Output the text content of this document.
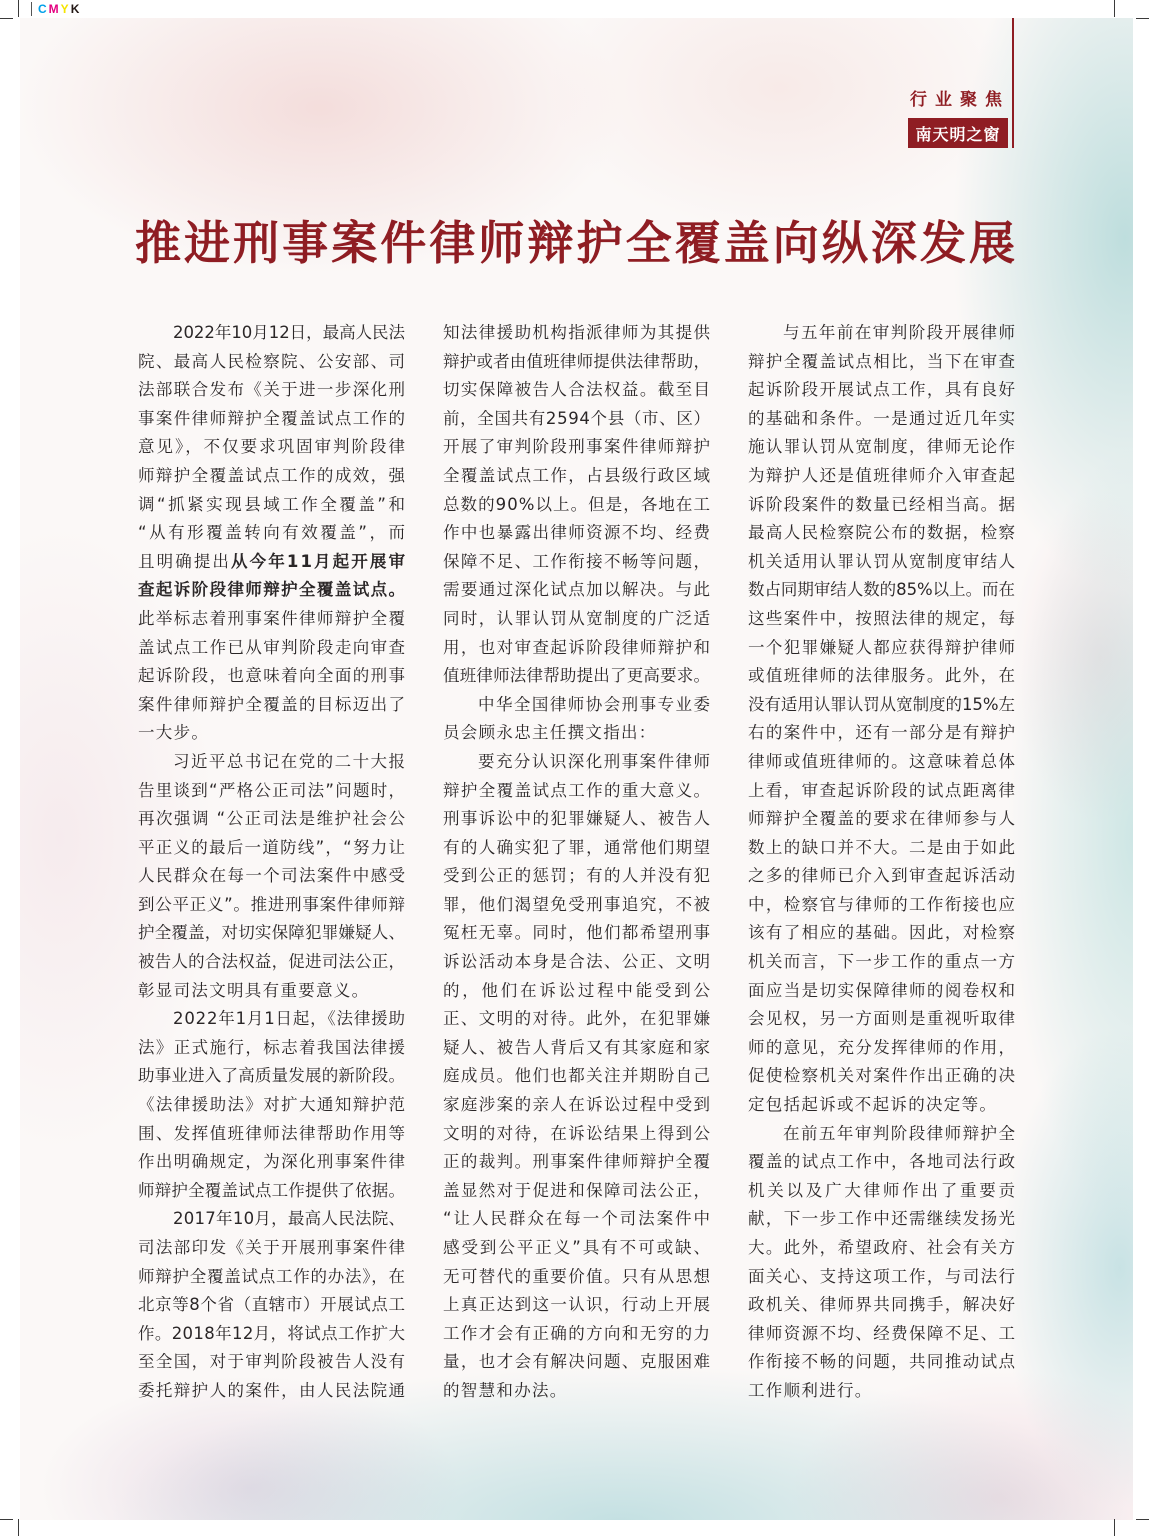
C M Y K
行业聚焦
南天明之窗
推进刑事案件律师辩护全覆盖向纵深发展
2022年10月12日，最高人民法
院、最高人民检察院、公安部、司
法部联合发布《关于进一步深化刑
事案件律师辩护全覆盖试点工作的
意见》，不仅要求巩固审判阶段律
师辩护全覆盖试点工作的成效，强
调“抓紧实现县域工作全覆盖”和
“从有形覆盖转向有效覆盖”，而
且明确提出从今年11月起开展审
查起诉阶段律师辩护全覆盖试点。
此举标志着刑事案件律师辩护全覆
盖试点工作已从审判阶段走向审查
起诉阶段，也意味着向全面的刑事
案件律师辩护全覆盖的目标迈出了
一大步。
习近平总书记在党的二十大报
告里谈到“严格公正司法”问题时，
再次强调 “公正司法是维护社会公
平正义的最后一道防线”，“努力让
人民群众在每一个司法案件中感受
到公平正义”。推进刑事案件律师辩
护全覆盖，对切实保障犯罪嫌疑人、
被告人的合法权益，促进司法公正，
彰显司法文明具有重要意义。
2022年1月1日起，《法律援助
法》正式施行，标志着我国法律援
助事业进入了高质量发展的新阶段。
《法律援助法》对扩大通知辩护范
围、发挥值班律师法律帮助作用等
作出明确规定，为深化刑事案件律
师辩护全覆盖试点工作提供了依据。
2017年10月，最高人民法院、
司法部印发《关于开展刑事案件律
师辩护全覆盖试点工作的办法》，在
北京等8个省（直辖市）开展试点工
作。2018年12月，将试点工作扩大
至全国，对于审判阶段被告人没有
委托辩护人的案件，由人民法院通
知法律援助机构指派律师为其提供
辩护或者由值班律师提供法律帮助，
切实保障被告人合法权益。截至目
前，全国共有2594个县（市、区）
开展了审判阶段刑事案件律师辩护
全覆盖试点工作，占县级行政区域
总数的90%以上。但是，各地在工
作中也暴露出律师资源不均、经费
保障不足、工作衔接不畅等问题，
需要通过深化试点加以解决。与此
同时，认罪认罚从宽制度的广泛适
用，也对审查起诉阶段律师辩护和
值班律师法律帮助提出了更高要求。
中华全国律师协会刑事专业委
员会顾永忠主任撰文指出：
要充分认识深化刑事案件律师
辩护全覆盖试点工作的重大意义。
刑事诉讼中的犯罪嫌疑人、被告人
有的人确实犯了罪，通常他们期望
受到公正的惩罚；有的人并没有犯
罪，他们渴望免受刑事追究，不被
冤枉无辜。同时，他们都希望刑事
诉讼活动本身是合法、公正、文明
的，他们在诉讼过程中能受到公
正、文明的对待。此外，在犯罪嫌
疑人、被告人背后又有其家庭和家
庭成员。他们也都关注并期盼自己
家庭涉案的亲人在诉讼过程中受到
文明的对待，在诉讼结果上得到公
正的裁判。刑事案件律师辩护全覆
盖显然对于促进和保障司法公正，
“让人民群众在每一个司法案件中
感受到公平正义”具有不可或缺、
无可替代的重要价值。只有从思想
上真正达到这一认识，行动上开展
工作才会有正确的方向和无穷的力
量，也才会有解决问题、克服困难
的智慧和办法。
与五年前在审判阶段开展律师
辩护全覆盖试点相比，当下在审查
起诉阶段开展试点工作，具有良好
的基础和条件。一是通过近几年实
施认罪认罚从宽制度，律师无论作
为辩护人还是值班律师介入审查起
诉阶段案件的数量已经相当高。据
最高人民检察院公布的数据，检察
机关适用认罪认罚从宽制度审结人
数占同期审结人数的85%以上。而在
这些案件中，按照法律的规定，每
一个犯罪嫌疑人都应获得辩护律师
或值班律师的法律服务。此外，在
没有适用认罪认罚从宽制度的15%左
右的案件中，还有一部分是有辩护
律师或值班律师的。这意味着总体
上看，审查起诉阶段的试点距离律
师辩护全覆盖的要求在律师参与人
数上的缺口并不大。二是由于如此
之多的律师已介入到审查起诉活动
中，检察官与律师的工作衔接也应
该有了相应的基础。因此，对检察
机关而言，下一步工作的重点一方
面应当是切实保障律师的阅卷权和
会见权，另一方面则是重视听取律
师的意见，充分发挥律师的作用，
促使检察机关对案件作出正确的决
定包括起诉或不起诉的决定等。
在前五年审判阶段律师辩护全
覆盖的试点工作中，各地司法行政
机关以及广大律师作出了重要贡
献，下一步工作中还需继续发扬光
大。此外，希望政府、社会有关方
面关心、支持这项工作，与司法行
政机关、律师界共同携手，解决好
律师资源不均、经费保障不足、工
作衔接不畅的问题，共同推动试点
工作顺利进行。
